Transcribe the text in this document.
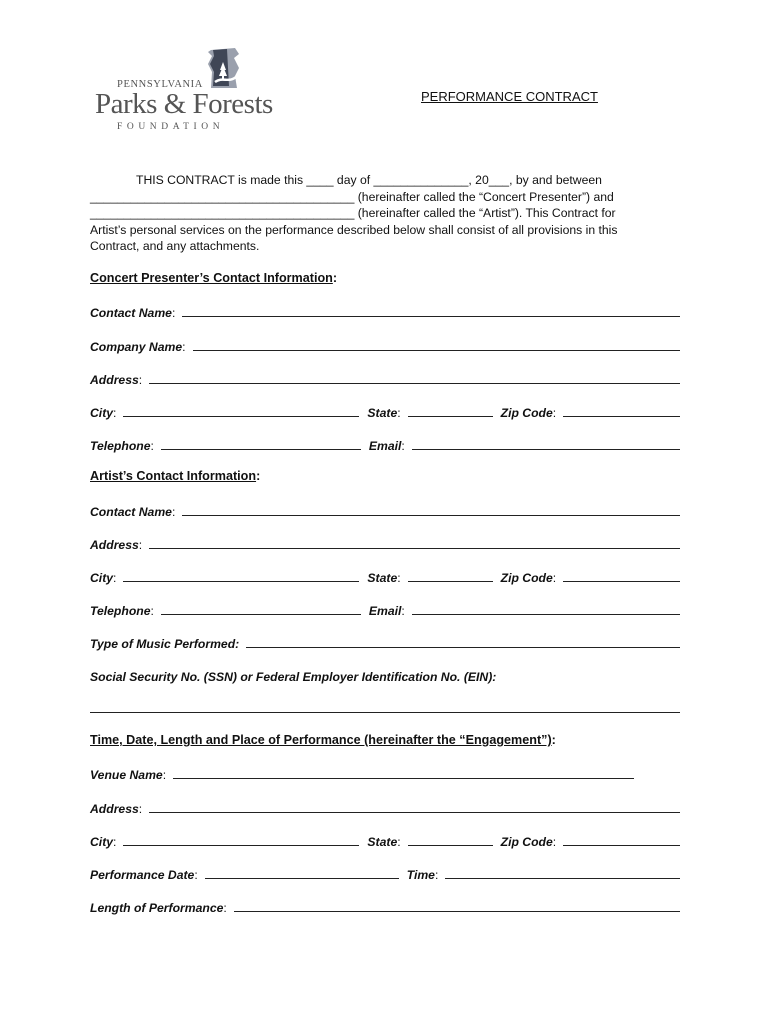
PENNSYLVANIA
Parks & Forests
FOUNDATION
PERFORMANCE CONTRACT
THIS CONTRACT is made this ____ day of ______________, 20___, by and between
_______________________________________ (hereinafter called the “Concert Presenter”) and
_______________________________________ (hereinafter called the “Artist”). This Contract for
Artist’s personal services on the performance described below shall consist of all provisions in this
Contract, and any attachments.
Concert Presenter’s Contact Information:
Contact Name :
Company Name :
Address :
City :	State :	Zip Code :
Telephone :	Email :
Artist’s Contact Information:
Contact Name :
Address :
City :	State :	Zip Code :
Telephone :	Email :
Type of Music Performed:
Social Security No. (SSN) or Federal Employer Identification No. (EIN):
Time, Date, Length and Place of Performance (hereinafter the “Engagement”):
Venue Name :
Address :
City :	State :	Zip Code :
Performance Date :	Time :
Length of Performance :
